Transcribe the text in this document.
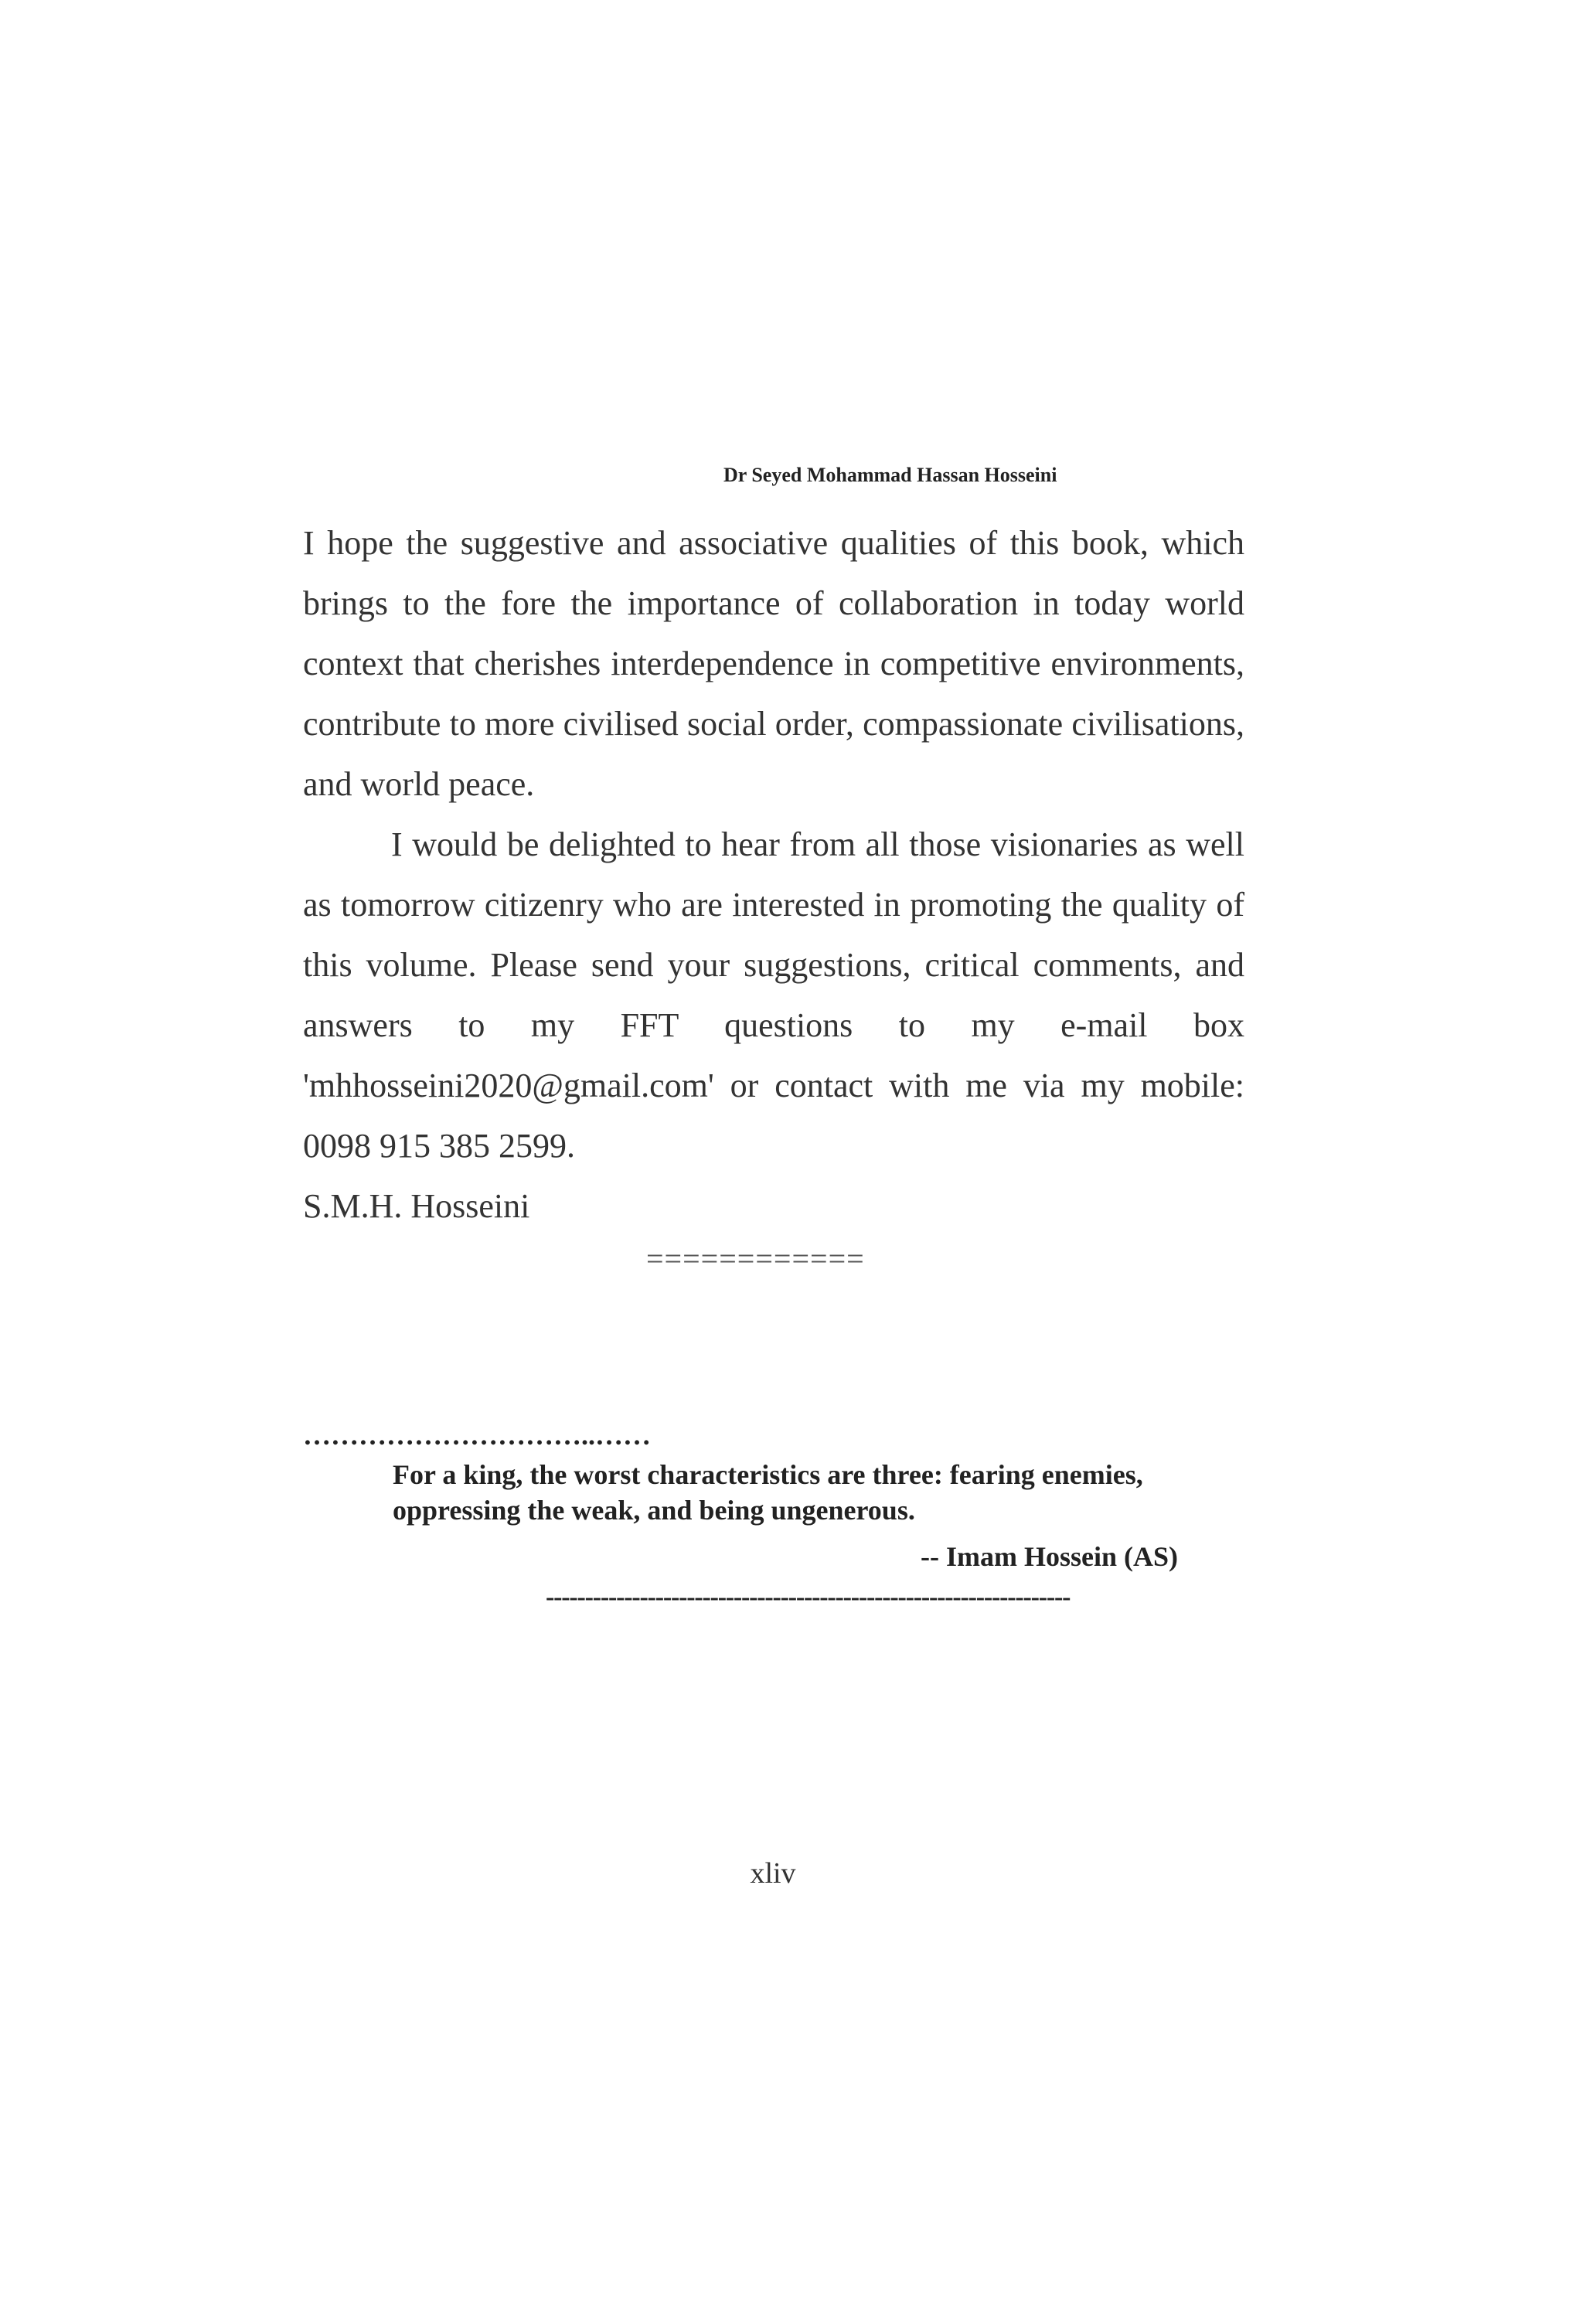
Dr Seyed Mohammad Hassan Hosseini

I hope the suggestive and associative qualities of this book, which brings to the fore the importance of collaboration in today world context that cherishes interdependence in competitive environments, contribute to more civilised social order, compassionate civilisations, and world peace.

I would be delighted to hear from all those visionaries as well as tomorrow citizenry who are interested in promoting the quality of this volume. Please send your suggestions, critical comments, and answers to my FFT questions to my e-mail box 'mhhosseini2020@gmail.com' or contact with me via my mobile: 0098 915 385 2599.

S.M.H. Hosseini

============
…………………………..……

For a king, the worst characteristics are three: fearing enemies, oppressing the weak, and being ungenerous.

-- Imam Hossein (AS)
-------------------------------------------------------------------
xliv
